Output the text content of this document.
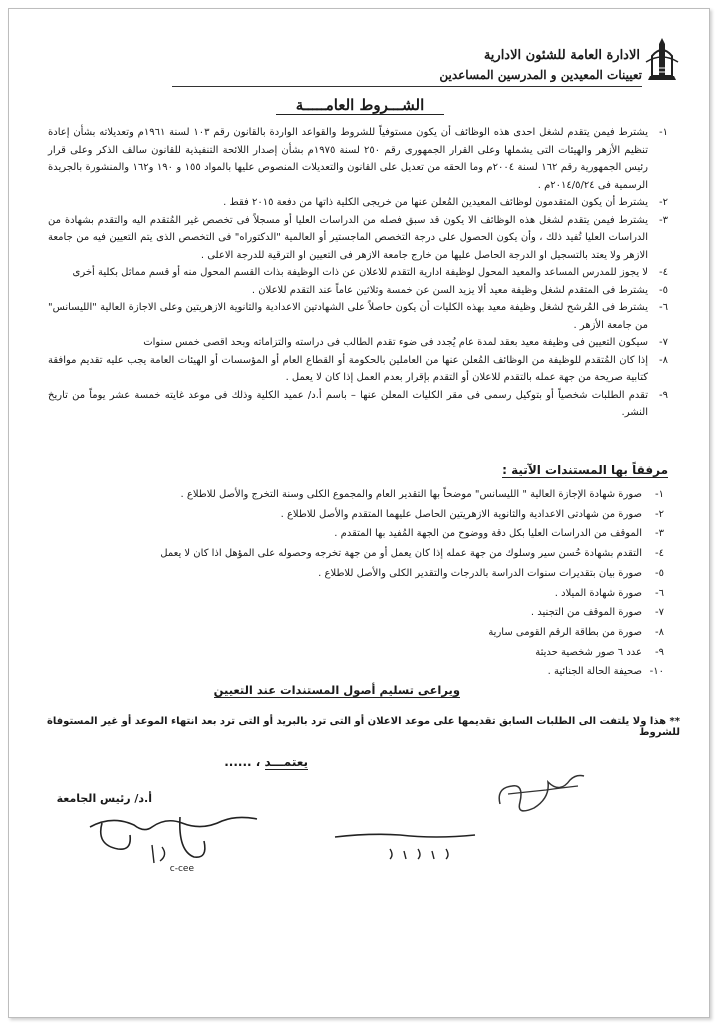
الادارة العامة للشئون الادارية
تعيينات المعيدين و المدرسين المساعدين
الشـــروط العامـــــة
١-
يشترط فيمن يتقدم لشغل احدى هذه الوظائف أن يكون مستوفياً للشروط والقواعد الواردة بالقانون رقم ١٠٣ لسنة ١٩٦١م وتعديلاته بشأن إعادة تنظيم الأزهر والهيئات التى يشملها وعلى القرار الجمهورى رقم ٢٥٠ لسنة ١٩٧٥م بشأن إصدار اللائحة التنفيذية للقانون سالف الذكر وعلى قرار رئيس الجمهورية رقم ١٦٢ لسنة ٢٠٠٤م وما الحقه من تعديل على القانون والتعديلات المنصوص عليها بالمواد ١٥٥ و ١٩٠ و١٦٢ والمنشورة بالجريدة الرسمية فى ٢٠١٤/٥/٢٤م .
٢-
يشترط أن يكون المتقدمون لوظائف المعيدين المُعلن عنها من خريجى الكلية ذاتها من دفعة ٢٠١٥ فقط .
٣-
يشترط فيمن يتقدم لشغل هذه الوظائف الا يكون قد سبق فصله من الدراسات العليا أو مسجلاً فى تخصص غير المُتقدم اليه والتقدم بشهادة من الدراسات العليا تُفيد ذلك ، وأن يكون الحصول على درجة التخصص الماجستير أو العالمية "الدكتوراه" فى التخصص الذى يتم التعيين فيه من جامعة الازهر ولا يعتد بالتسجيل او الدرجة الحاصل عليها من خارج جامعة الازهر فى التعيين او الترقية للدرجة الاعلى .
٤-
لا يجوز للمدرس المساعد والمعيد المحول لوظيفة ادارية التقدم للاعلان عن ذات الوظيفة بذات القسم المحول منه أو قسم مماثل بكلية أخرى
٥-
يشترط فى المتقدم لشغل وظيفة معيد ألا يزيد السن عن خمسة وثلاثين عاماً عند التقدم للاعلان .
٦-
يشترط فى المُرشح لشغل وظيفة معيد بهذه الكليات أن يكون حاصلاً على الشهادتين الاعدادية والثانوية الازهريتين وعلى الاجازة العالية "الليسانس" من جامعة الأزهر .
٧-
سيكون التعيين فى وظيفة معيد بعقد لمدة عام يُجدد فى ضوء تقدم الطالب فى دراسته والتزاماته وبحد اقصى خمس سنوات
٨-
إذا كان المُتقدم للوظيفة من الوظائف المُعلن عنها من العاملين بالحكومة أو القطاع العام أو المؤسسات أو الهيئات العامة يجب عليه تقديم موافقة كتابية صريحة من جهة عمله بالتقدم للاعلان أو التقدم بإقرار بعدم العمل إذا كان لا يعمل .
٩-
تقدم الطلبات شخصياً أو بتوكيل رسمى فى مقر الكليات المعلن عنها – باسم أ.د/ عميد الكلية وذلك فى موعد غايته خمسة عشر يوماً من تاريخ النشر.
مرفقاً بها المستندات الآتية :
١-
صورة شهادة الإجازة العالية " الليسانس" موضحاً بها التقدير العام والمجموع الكلى وسنة التخرج والأصل للاطلاع .
٢-
صورة من شهادتى الاعدادية والثانوية الازهريتين الحاصل عليهما المتقدم والأصل للاطلاع .
٣-
الموقف من الدراسات العليا بكل دقة ووضوح من الجهة المُفيد بها المتقدم .
٤-
التقدم بشهادة حُسن سير وسلوك من جهة عمله إذا كان يعمل أو من جهة تخرجه وحصوله على المؤهل اذا كان لا يعمل
٥-
صورة بيان بتقديرات سنوات الدراسة بالدرجات والتقدير الكلى والأصل للاطلاع .
٦-
صورة شهادة الميلاد .
٧-
صورة الموقف من التجنيد .
٨-
صورة من بطاقة الرقم القومى سارية
٩-
عدد ٦ صور شخصية حديثة
١٠-
صحيفة الحالة الجنائية .
ويراعى تسليم أصول المستندات عند التعيين
** هذا ولا يلتفت الى الطلبات السابق تقديمها على موعد الاعلان أو التى ترد بالبريد أو التى ترد بعد انتهاء الموعد أو غير المستوفاة للشروط
يعتمـــد ، ......
أ.د/ رئيس الجامعة
c-cee
